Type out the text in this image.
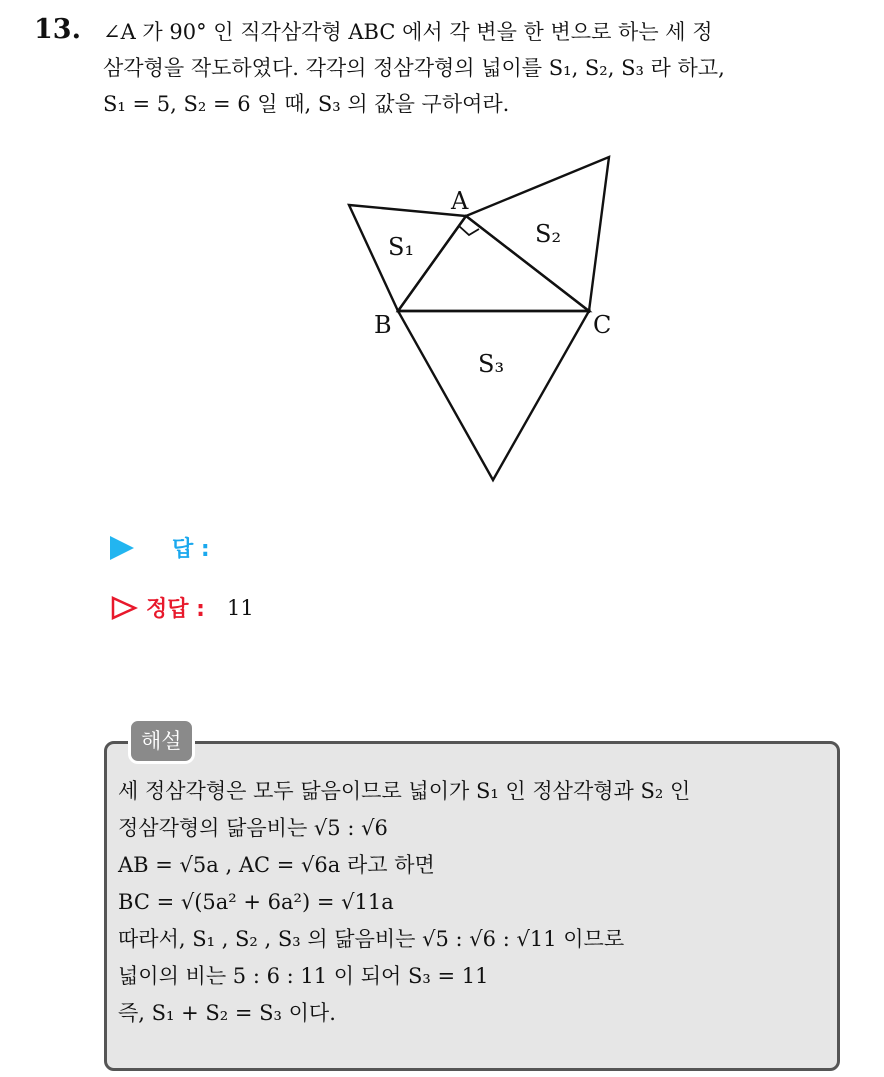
13. ∠A 가 90° 인 직각삼각형 ABC 에서 각 변을 한 변으로 하는 세 정
삼각형을 작도하였다. 각각의 정삼각형의 넓이를 S₁, S₂, S₃ 라 하고,
S₁ = 5, S₂ = 6 일 때, S₃ 의 값을 구하여라.
A
B	C
S₁	S₂
S₃
답 :
정답 : 11
해설
세 정삼각형은 모두 닮음이므로 넓이가 S₁ 인 정삼각형과 S₂ 인
정삼각형의 닮음비는 √5 : √6
AB = √5a , AC = √6a 라고 하면
BC = √(5a² + 6a²) = √11a
따라서, S₁ , S₂ , S₃ 의 닮음비는 √5 : √6 : √11 이므로
넓이의 비는 5 : 6 : 11 이 되어 S₃ = 11
즉, S₁ + S₂ = S₃ 이다.
